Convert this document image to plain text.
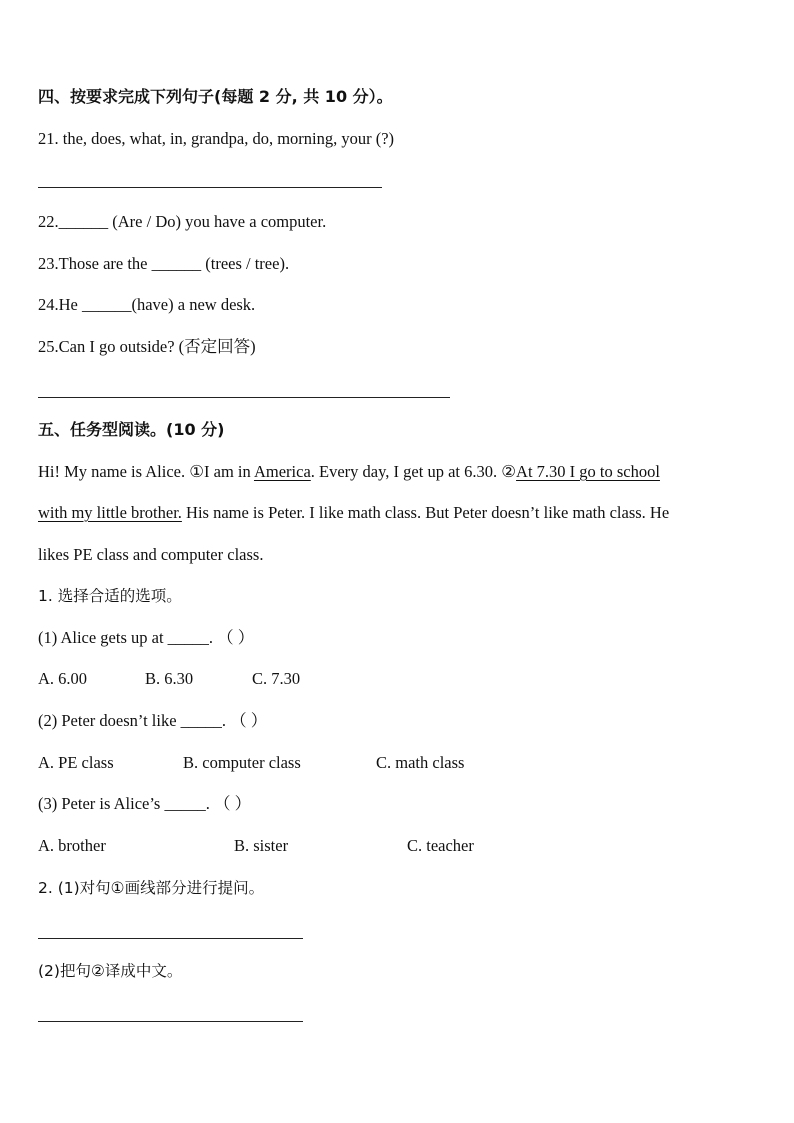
四、按要求完成下列句子(每题 2 分, 共 10 分）。
21. the, does, what, in, grandpa, do, morning, your (?)
22.______ (Are / Do) you have a computer.
23.Those are the ______ (trees / tree).
24.He ______(have) a new desk.
25.Can I go outside? (否定回答)
五、任务型阅读。(10 分)
Hi! My name is Alice. ①I am in America. Every day, I get up at 6.30. ②At 7.30 I go to school
with my little brother. His name is Peter. I like math class. But Peter doesn’t like math class. He
likes PE class and computer class.
1. 选择合适的选项。
(1) Alice gets up at _____. （ ）
A. 6.00	B. 6.30	C. 7.30
(2) Peter doesn’t like _____. （ ）
A. PE class	B. computer class	C. math class
(3) Peter is Alice’s _____. （ ）
A. brother	B. sister	C. teacher
2. (1)对句①画线部分进行提问。
(2)把句②译成中文。
